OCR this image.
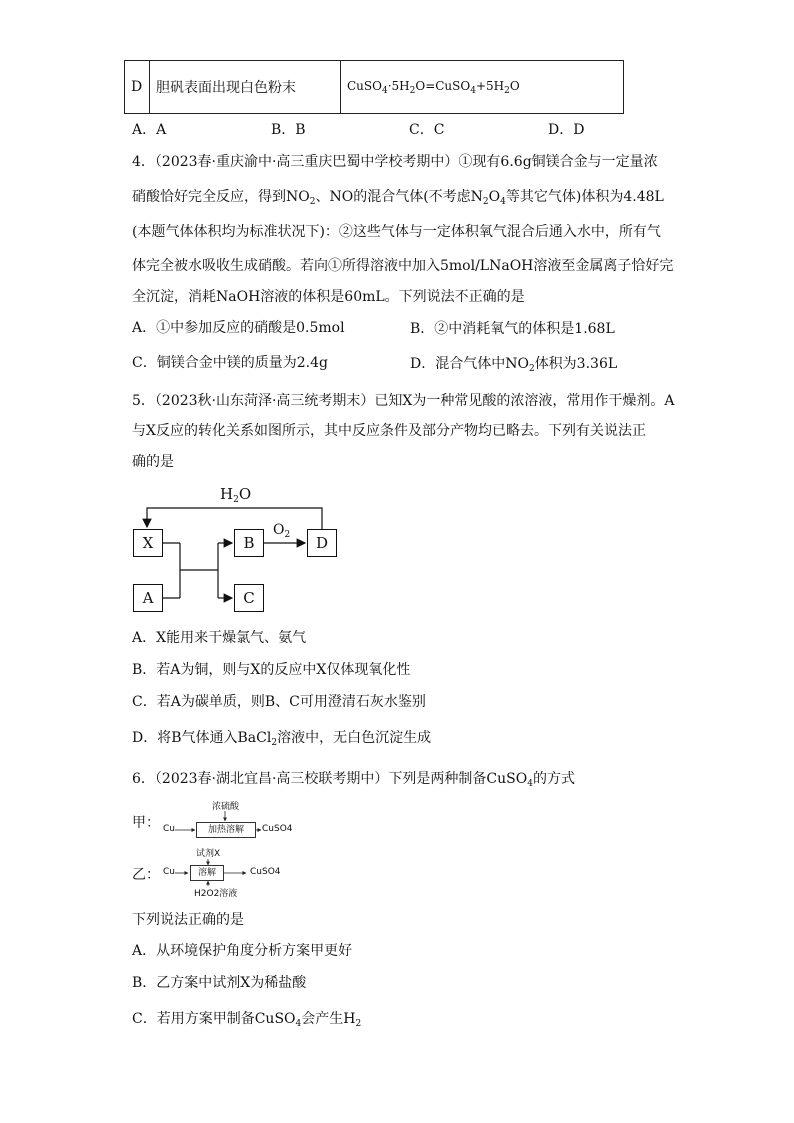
D	胆矾表面出现白色粉末	$CuSO_4\cdot 5H_2O=CuSO_4+5H_2O$
A．A	B．B	C．C	D．D
4．（2023春·重庆渝中·高三重庆巴蜀中学校考期中）①现有6.6g铜镁合金与一定量浓
硝酸恰好完全反应，得到$NO_2$、NO的混合气体(不考虑$N_2O_4$等其它气体)体积为4.48L
(本题气体体积均为标准状况下)：②这些气体与一定体积氧气混合后通入水中，所有气
体完全被水吸收生成硝酸。若向①所得溶液中加入5mol/LNaOH溶液至金属离子恰好完
全沉淀，消耗NaOH溶液的体积是60mL。下列说法不正确的是
A．①中参加反应的硝酸是0.5mol	B．②中消耗氧气的体积是1.68L
C．铜镁合金中镁的质量为2.4g	D．混合气体中$NO_2$体积为3.36L
5．（2023秋·山东菏泽·高三统考期末）已知X为一种常见酸的浓溶液，常用作干燥剂。A
与X反应的转化关系如图所示，其中反应条件及部分产物均已略去。下列有关说法正
确的是
$H_2O$
$O_2$
X	B	D
A	C
A．X能用来干燥氯气、氨气
B．若A为铜，则与X的反应中X仅体现氧化性
C．若A为碳单质，则B、C可用澄清石灰水鉴别
D．将B气体通入BaCl$_2$溶液中，无白色沉淀生成
6．（2023春·湖北宜昌·高三校联考期中）下列是两种制备CuSO$_4$的方式
甲：
浓硫酸
Cu	加热溶解	CuSO4
乙：
试剂X
Cu	溶解	CuSO4
H2O2溶液
下列说法正确的是
A．从环境保护角度分析方案甲更好
B．乙方案中试剂X为稀盐酸
C．若用方案甲制备CuSO$_4$会产生$H_2$
